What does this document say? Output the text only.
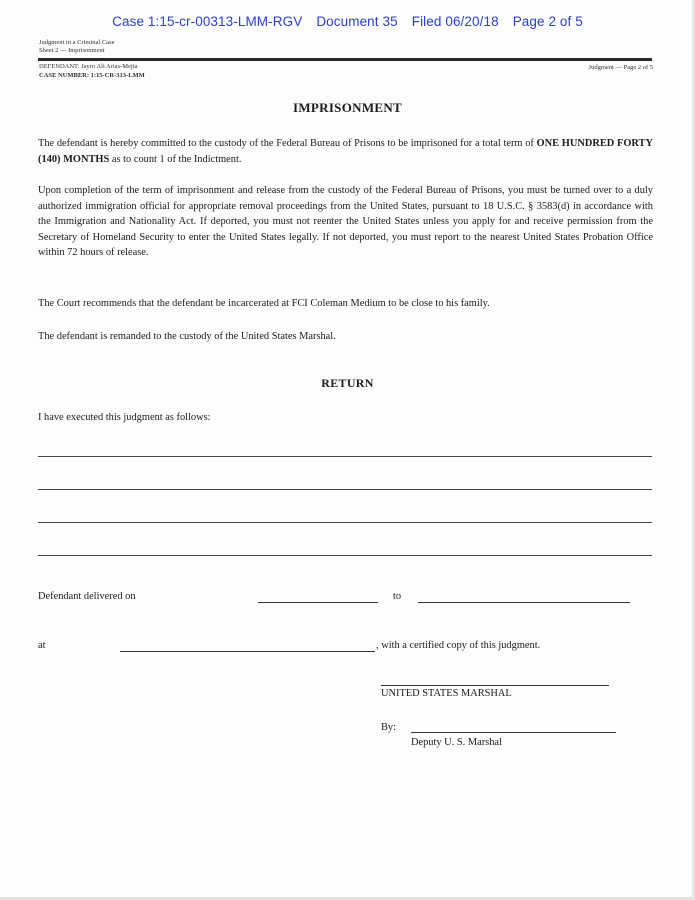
Case 1:15-cr-00313-LMM-RGV Document 35 Filed 06/20/18 Page 2 of 5
Judgment in a Criminal Case
Sheet 2 — Imprisonment
DEFENDANT: Jayro Ali Arias-Mejia
CASE NUMBER: 1:15-CR-313-LMM
Judgment — Page 2 of 5
IMPRISONMENT
The defendant is hereby committed to the custody of the Federal Bureau of Prisons to be imprisoned for a total term of ONE HUNDRED FORTY (140) MONTHS as to count 1 of the Indictment.
Upon completion of the term of imprisonment and release from the custody of the Federal Bureau of Prisons, you must be turned over to a duly authorized immigration official for appropriate removal proceedings from the United States, pursuant to 18 U.S.C. § 3583(d) in accordance with the Immigration and Nationality Act. If deported, you must not reenter the United States unless you apply for and receive permission from the Secretary of Homeland Security to enter the United States legally. If not deported, you must report to the nearest United States Probation Office within 72 hours of release.
The Court recommends that the defendant be incarcerated at FCI Coleman Medium to be close to his family.
The defendant is remanded to the custody of the United States Marshal.
RETURN
I have executed this judgment as follows:
Defendant delivered on	to
at	, with a certified copy of this judgment.
UNITED STATES MARSHAL
By:
Deputy U. S. Marshal
